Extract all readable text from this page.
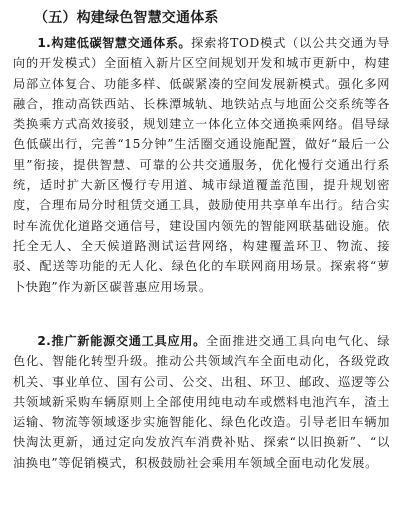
（五）构建绿色智慧交通体系

1.构建低碳智慧交通体系。探索将TOD模式（以公共交通为导向的开发模式）全面植入新片区空间规划开发和城市更新中，构建局部立体复合、功能多样、低碳紧凑的空间发展新模式。强化多网融合，推动高铁西站、长株潭城轨、地铁站点与地面公交系统等各类换乘方式高效接驳，规划建立一体化立体交通换乘网络。倡导绿色低碳出行，完善“15分钟”生活圈交通设施配置，做好“最后一公里”衔接，提供智慧、可靠的公共交通服务，优化慢行交通出行系统，适时扩大新区慢行专用道、城市绿道覆盖范围，提升规划密度，合理布局分时租赁交通工具，鼓励使用共享单车出行。结合实时车流优化道路交通信号，建设国内领先的智能网联基础设施。依托全无人、全天候道路测试运营网络，构建覆盖环卫、物流、接驳、配送等功能的无人化、绿色化的车联网商用场景。探索将“萝卜快跑”作为新区碳普惠应用场景。

2.推广新能源交通工具应用。全面推进交通工具向电气化、绿色化、智能化转型升级。推动公共领域汽车全面电动化，各级党政机关、事业单位、国有公司、公交、出租、环卫、邮政、巡逻等公共领域新采购车辆原则上全部使用纯电动车或燃料电池汽车，渣土运输、物流等领域逐步实施智能化、绿色化改造。引导老旧车辆加快淘汰更新，通过定向发放汽车消费补贴、探索“以旧换新”、“以油换电”等促销模式，积极鼓励社会乘用车领域全面电动化发展。
